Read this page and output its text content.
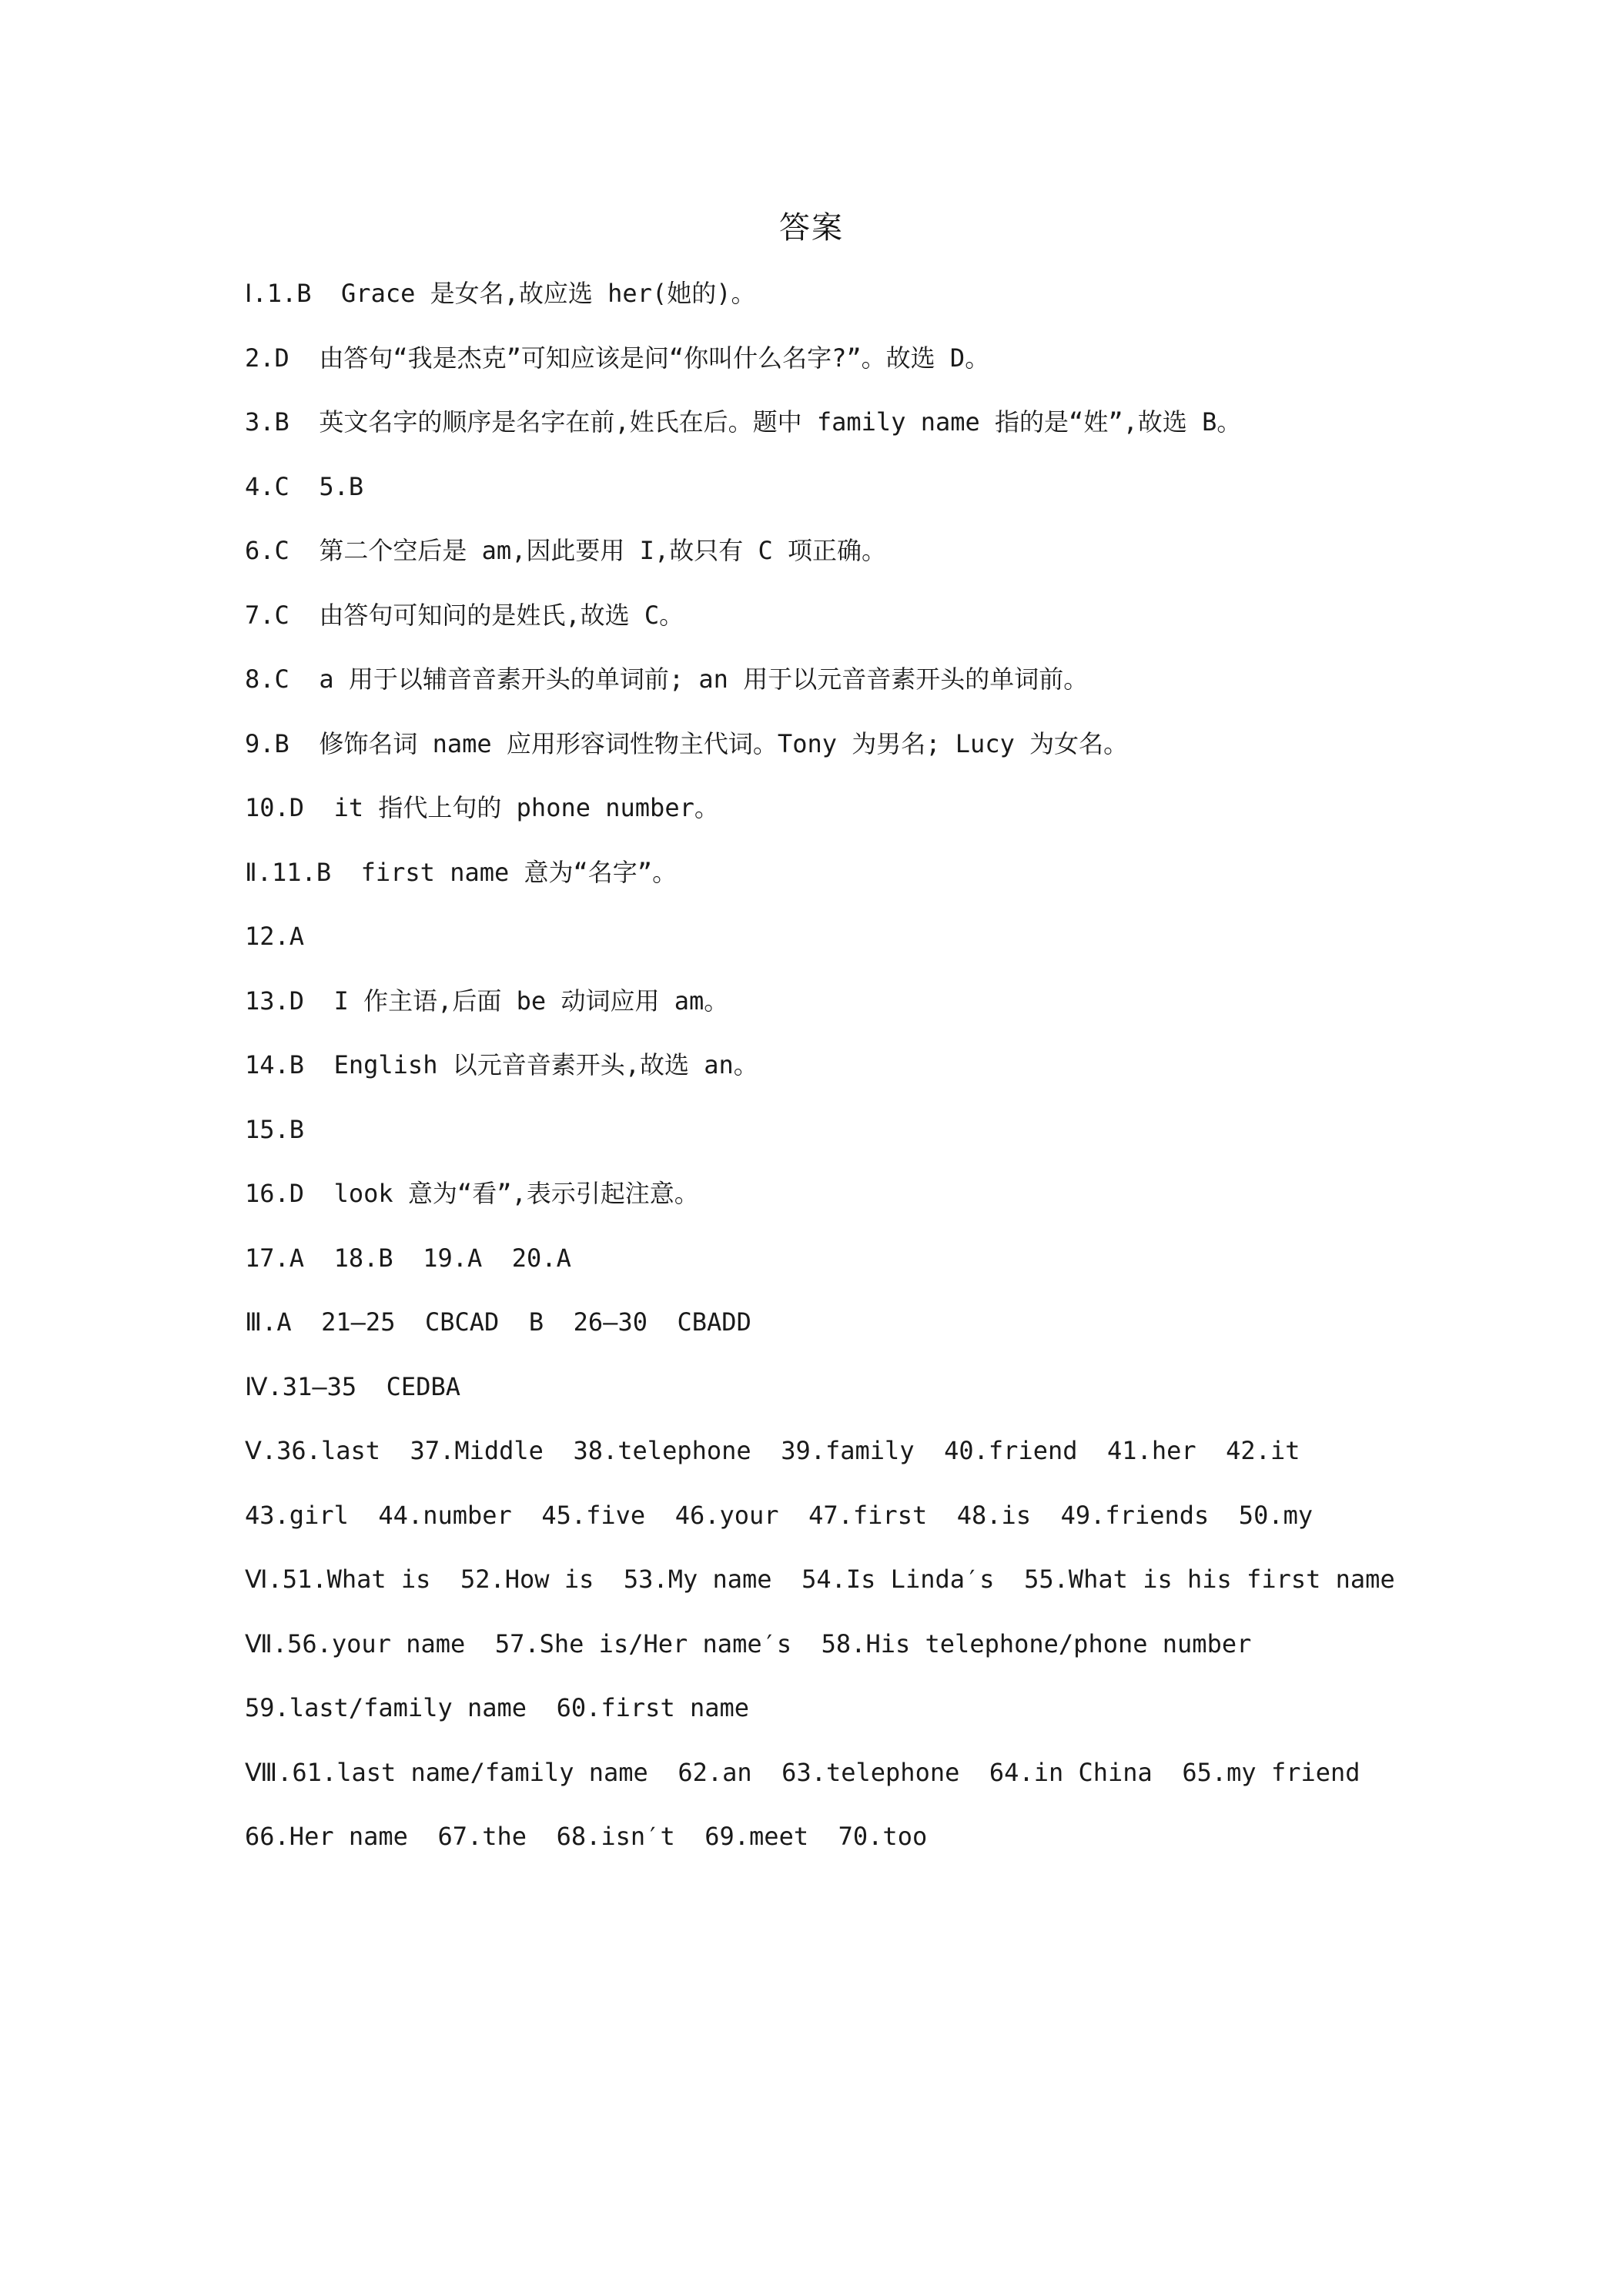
答案
Ⅰ.1.B  Grace 是女名,故应选 her(她的)。
2.D  由答句“我是杰克”可知应该是问“你叫什么名字?”。故选 D。
3.B  英文名字的顺序是名字在前,姓氏在后。题中 family name 指的是“姓”,故选 B。
4.C  5.B
6.C  第二个空后是 am,因此要用 I,故只有 C 项正确。
7.C  由答句可知问的是姓氏,故选 C。
8.C  a 用于以辅音音素开头的单词前; an 用于以元音音素开头的单词前。
9.B  修饰名词 name 应用形容词性物主代词。Tony 为男名; Lucy 为女名。
10.D  it 指代上句的 phone number。
Ⅱ.11.B  first name 意为“名字”。
12.A
13.D  I 作主语,后面 be 动词应用 am。
14.B  English 以元音音素开头,故选 an。
15.B
16.D  look 意为“看”,表示引起注意。
17.A  18.B  19.A  20.A
Ⅲ.A  21—25  CBCAD  B  26—30  CBADD
Ⅳ.31—35  CEDBA
Ⅴ.36.last  37.Middle  38.telephone  39.family  40.friend  41.her  42.it
43.girl  44.number  45.five  46.your  47.first  48.is  49.friends  50.my
Ⅵ.51.What is  52.How is  53.My name  54.Is Linda′s  55.What is his first name
Ⅶ.56.your name  57.She is/Her name′s  58.His telephone/phone number
59.last/family name  60.first name
Ⅷ.61.last name/family name  62.an  63.telephone  64.in China  65.my friend
66.Her name  67.the  68.isn′t  69.meet  70.too
